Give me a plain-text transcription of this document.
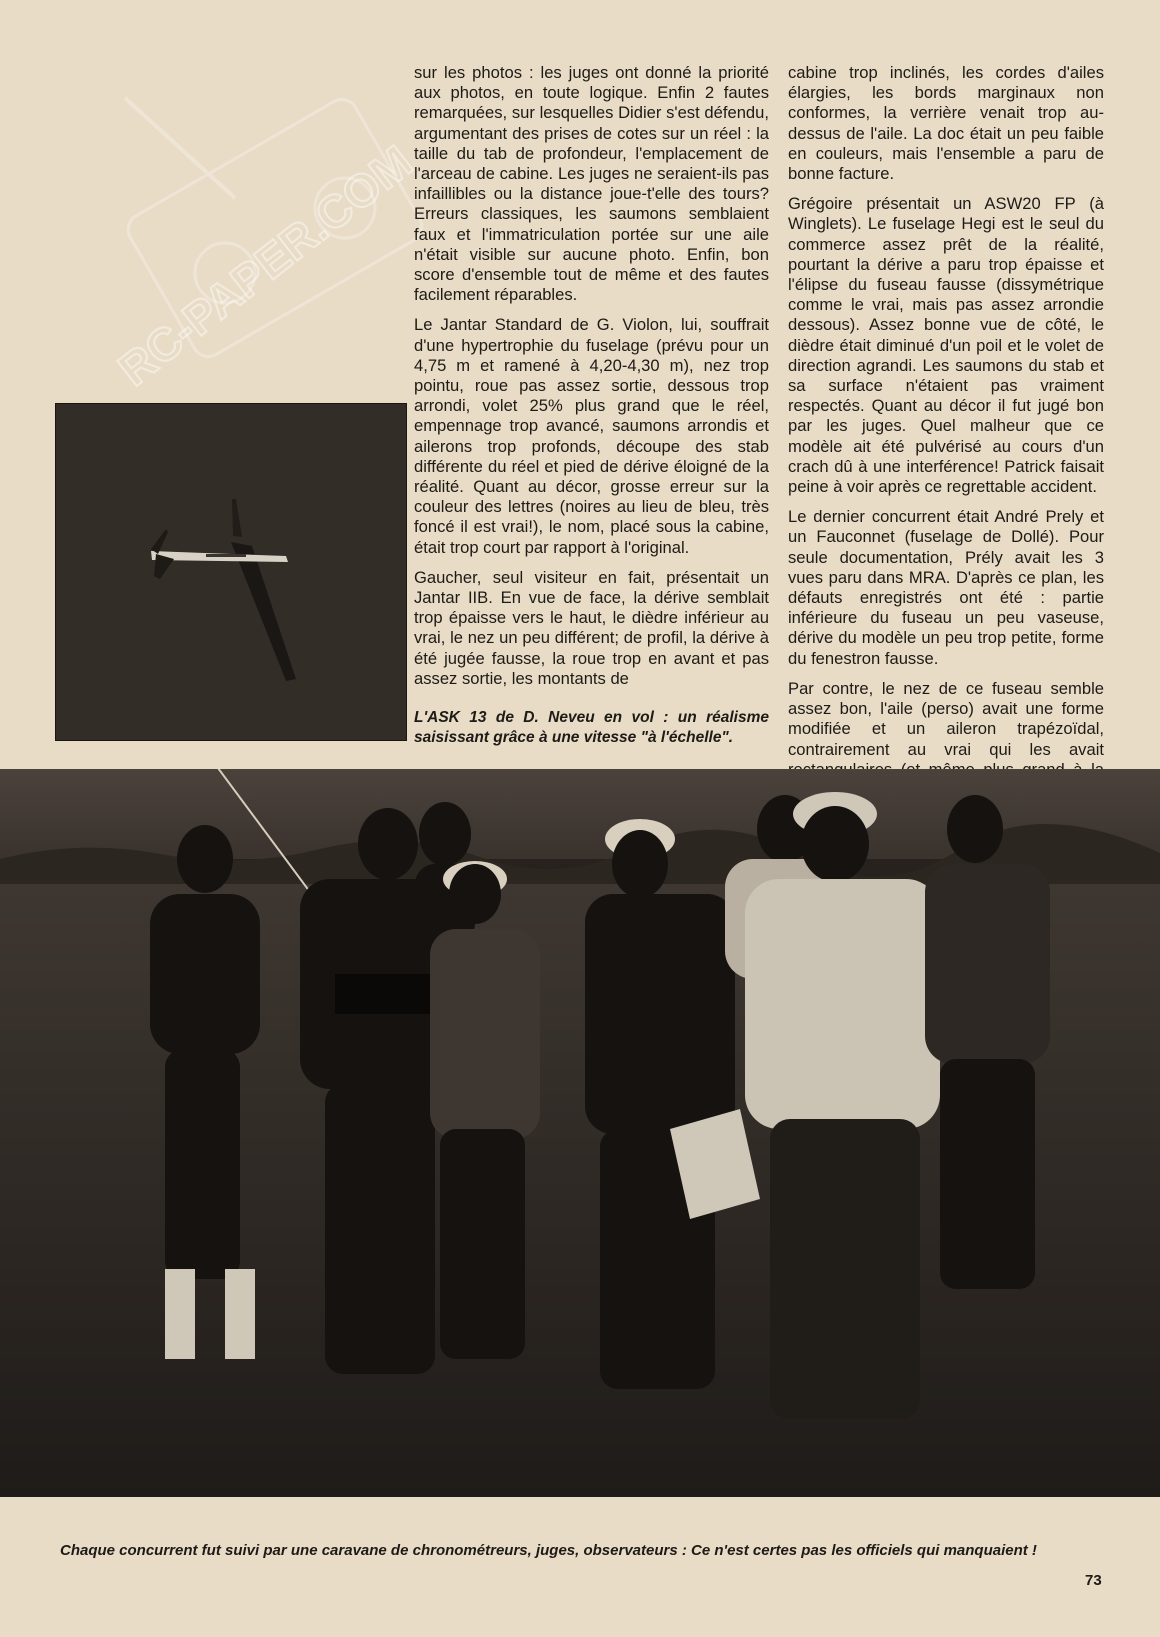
RC-PAPER.COM

sur les photos : les juges ont donné la priorité aux photos, en toute logique. Enfin 2 fautes remarquées, sur lesquelles Didier s'est défendu, argumentant des prises de cotes sur un réel : la taille du tab de profondeur, l'emplacement de l'arceau de cabine. Les juges ne seraient-ils pas infaillibles ou la distance joue-t'elle des tours? Erreurs classiques, les saumons semblaient faux et l'immatriculation portée sur une aile n'était visible sur aucune photo. Enfin, bon score d'ensemble tout de même et des fautes facilement réparables.

Le Jantar Standard de G. Violon, lui, souffrait d'une hypertrophie du fuselage (prévu pour un 4,75 m et ramené à 4,20-4,30 m), nez trop pointu, roue pas assez sortie, dessous trop arrondi, volet 25% plus grand que le réel, empennage trop avancé, saumons arrondis et ailerons trop profonds, découpe des stab différente du réel et pied de dérive éloigné de la réalité. Quant au décor, grosse erreur sur la couleur des lettres (noires au lieu de bleu, très foncé il est vrai!), le nom, placé sous la cabine, était trop court par rapport à l'original.

Gaucher, seul visiteur en fait, présentait un Jantar IIB. En vue de face, la dérive semblait trop épaisse vers le haut, le dièdre inférieur au vrai, le nez un peu différent; de profil, la dérive à été jugée fausse, la roue trop en avant et pas assez sortie, les montants de

L'ASK 13 de D. Neveu en vol : un réalisme saisissant grâce à une vitesse "à l'échelle".

cabine trop inclinés, les cordes d'ailes élargies, les bords marginaux non conformes, la verrière venait trop au-dessus de l'aile. La doc était un peu faible en couleurs, mais l'ensemble a paru de bonne facture.

Grégoire présentait un ASW20 FP (à Winglets). Le fuselage Hegi est le seul du commerce assez prêt de la réalité, pourtant la dérive a paru trop épaisse et l'élipse du fuseau fausse (dissymétrique comme le vrai, mais pas assez arrondie dessous). Assez bonne vue de côté, le dièdre était diminué d'un poil et le volet de direction agrandi. Les saumons du stab et sa surface n'étaient pas vraiment respectés. Quant au décor il fut jugé bon par les juges. Quel malheur que ce modèle ait été pulvérisé au cours d'un crach dû à une interférence! Patrick faisait peine à voir après ce regrettable accident.

Le dernier concurrent était André Prely et un Fauconnet (fuselage de Dollé). Pour seule documentation, Prély avait les 3 vues paru dans MRA. D'après ce plan, les défauts enregistrés ont été : partie inférieure du fuseau un peu vaseuse, dérive du modèle un peu trop petite, forme du fenestron fausse.

Par contre, le nez de ce fuseau semble assez bon, l'aile (perso) avait une forme modifiée et un aileron trapézoïdal, contrairement au vrai qui les avait

Chaque concurrent fut suivi par une caravane de chronométreurs, juges, observateurs : Ce n'est certes pas les officiels qui manquaient !
73
